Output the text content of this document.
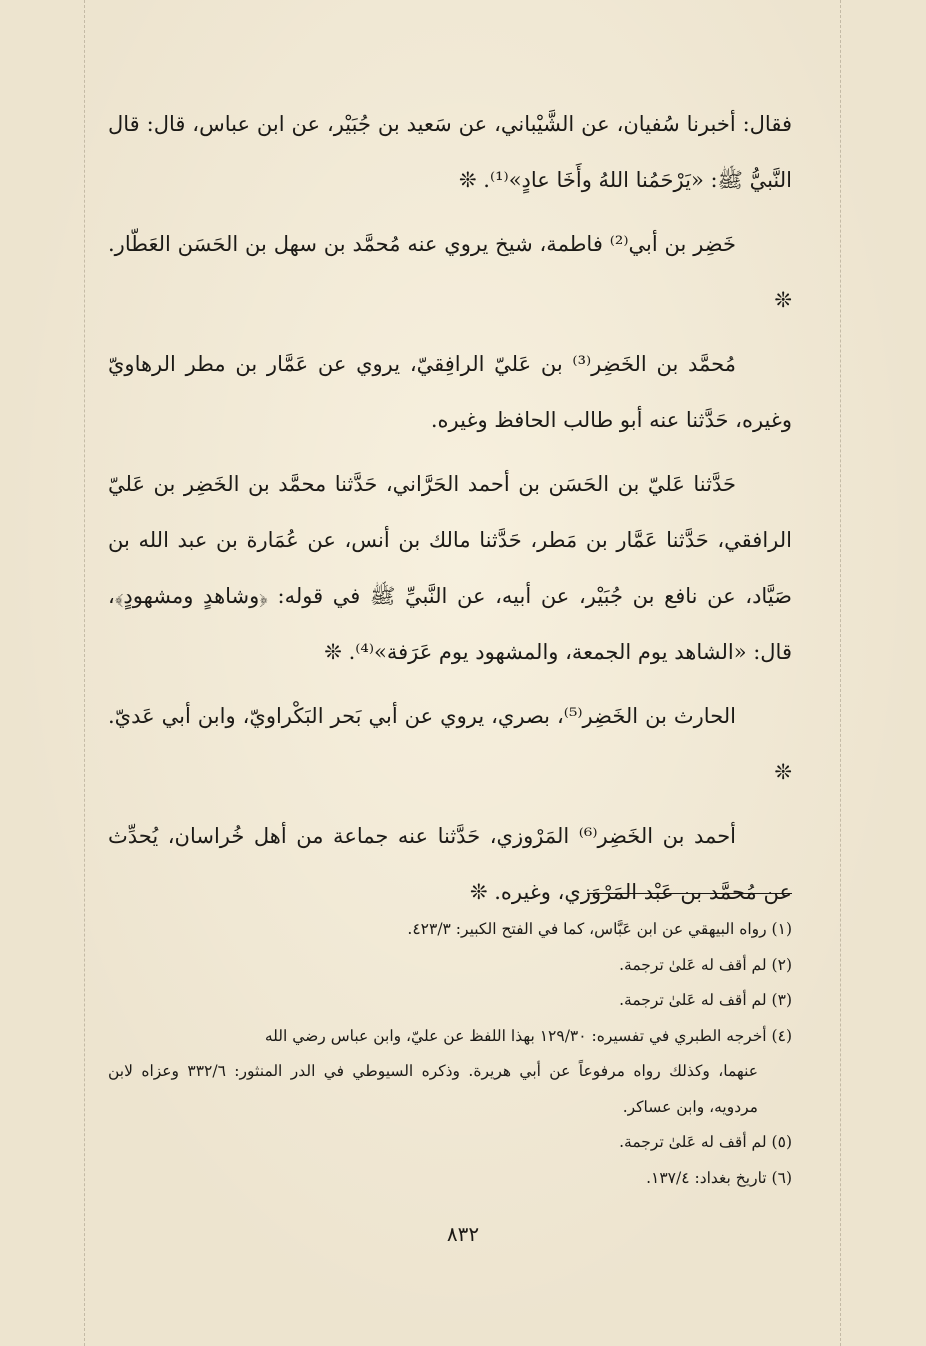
فقال: أخبرنا سُفيان، عن الشَّيْباني، عن سَعيد بن جُبَيْر، عن ابن عباس، قال: قال النَّبيُّ ﷺ: «يَرْحَمُنا اللهُ وأَخَا عادٍ»⁽¹⁾. ❊

خَضِر بن أبي⁽²⁾ فاطمة، شيخ يروي عنه مُحمَّد بن سهل بن الحَسَن العَطّار. ❊

مُحمَّد بن الخَضِر⁽³⁾ بن عَليّ الرافِقيّ، يروي عن عَمَّار بن مطر الرهاويّ وغيره، حَدَّثنا عنه أبو طالب الحافظ وغيره.

حَدَّثنا عَليّ بن الحَسَن بن أحمد الحَرَّاني، حَدَّثنا محمَّد بن الخَضِر بن عَليّ الرافقي، حَدَّثنا عَمَّار بن مَطر، حَدَّثنا مالك بن أنس، عن عُمَارة بن عبد الله بن صَيَّاد، عن نافع بن جُبَيْر، عن أبيه، عن النَّبيِّ ﷺ في قوله: ﴿وشاهدٍ ومشهودٍ﴾، قال: «الشاهد يوم الجمعة، والمشهود يوم عَرَفة»⁽⁴⁾. ❊

الحارث بن الخَضِر⁽⁵⁾، بصري، يروي عن أبي بَحر البَكْراويّ، وابن أبي عَديّ. ❊

أحمد بن الخَضِر⁽⁶⁾ المَرْوزي، حَدَّثنا عنه جماعة من أهل خُراسان، يُحدِّث عن مُحمَّد بن عَبْد المَرْوَزي، وغيره. ❊

(١) رواه البيهقي عن ابن عَبَّاس، كما في الفتح الكبير: ٤٢٣/٣.

(٢) لم أقف له عَلىٰ ترجمة.

(٣) لم أقف له عَلىٰ ترجمة.

(٤) أخرجه الطبري في تفسيره: ١٢٩/٣٠ بهذا اللفظ عن عليّ، وابن عباس رضي الله
عنهما، وكذلك رواه مرفوعاً عن أبي هريرة. وذكره السيوطي في الدر المنثور: ٣٣٢/٦ وعزاه لابن مردويه، وابن عساكر.

(٥) لم أقف له عَلىٰ ترجمة.

(٦) تاريخ بغداد: ١٣٧/٤.

٨٣٢
